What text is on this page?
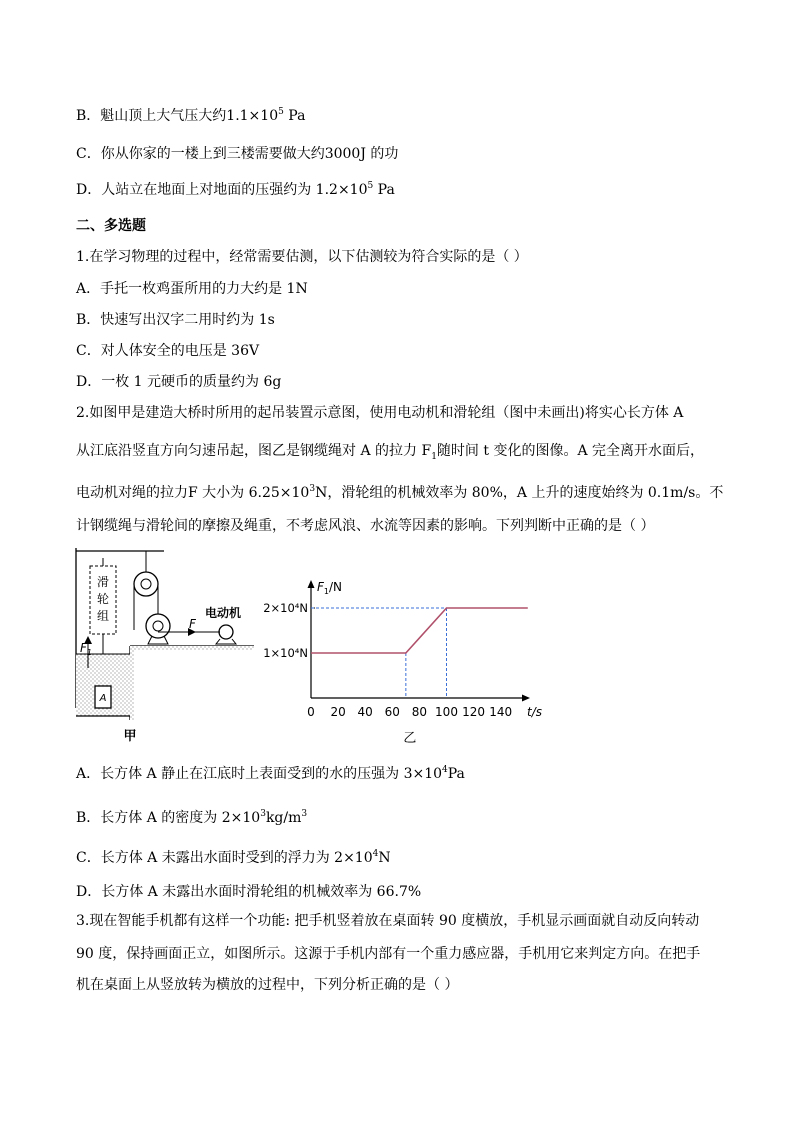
B．魁山顶上大气压大约$1.1\times 10^5$ Pa
C．你从你家的一楼上到三楼需要做大约3000J 的功
D．人站立在地面上对地面的压强约为 $1.2\times 10^5$ Pa
二、多选题
1.在学习物理的过程中，经常需要估测，以下估测较为符合实际的是（ ）
A．手托一枚鸡蛋所用的力大约是 1N
B．快速写出汉字二用时约为 1s
C．对人体安全的电压是 36V
D．一枚 1 元硬币的质量约为 6g
2.如图甲是建造大桥时所用的起吊装置示意图，使用电动机和滑轮组（图中未画出)将实心长方体 A
从江底沿竖直方向匀速吊起，图乙是钢缆绳对 A 的拉力 $F_1$随时间 t 变化的图像。A 完全离开水面后，
电动机对绳的拉力F 大小为 $6.25\times 10^3N$，滑轮组的机械效率为 80%，A 上升的速度始终为 0.1m/s。不
计钢缆绳与滑轮间的摩擦及绳重，不考虑风浪、水流等因素的影响。下列判断中正确的是（ ）
滑
轮
组
F
电动机
$F_1$
A
甲
1×10⁴N
2×10⁴N
0 20 40 60 80 100 120 140 t/s
$F_1/N$
乙
A．长方体 A 静止在江底时上表面受到的水的压强为 $3\times 10^4Pa$
B．长方体 A 的密度为 $2\times 10^3kg/m^3$
C．长方体 A 未露出水面时受到的浮力为 $2\times 10^4N$
D．长方体 A 未露出水面时滑轮组的机械效率为 66.7%
3.现在智能手机都有这样一个功能: 把手机竖着放在桌面转 90 度横放，手机显示画面就自动反向转动
90 度，保持画面正立，如图所示。这源于手机内部有一个重力感应器，手机用它来判定方向。在把手
机在桌面上从竖放转为横放的过程中，下列分析正确的是（ ）
